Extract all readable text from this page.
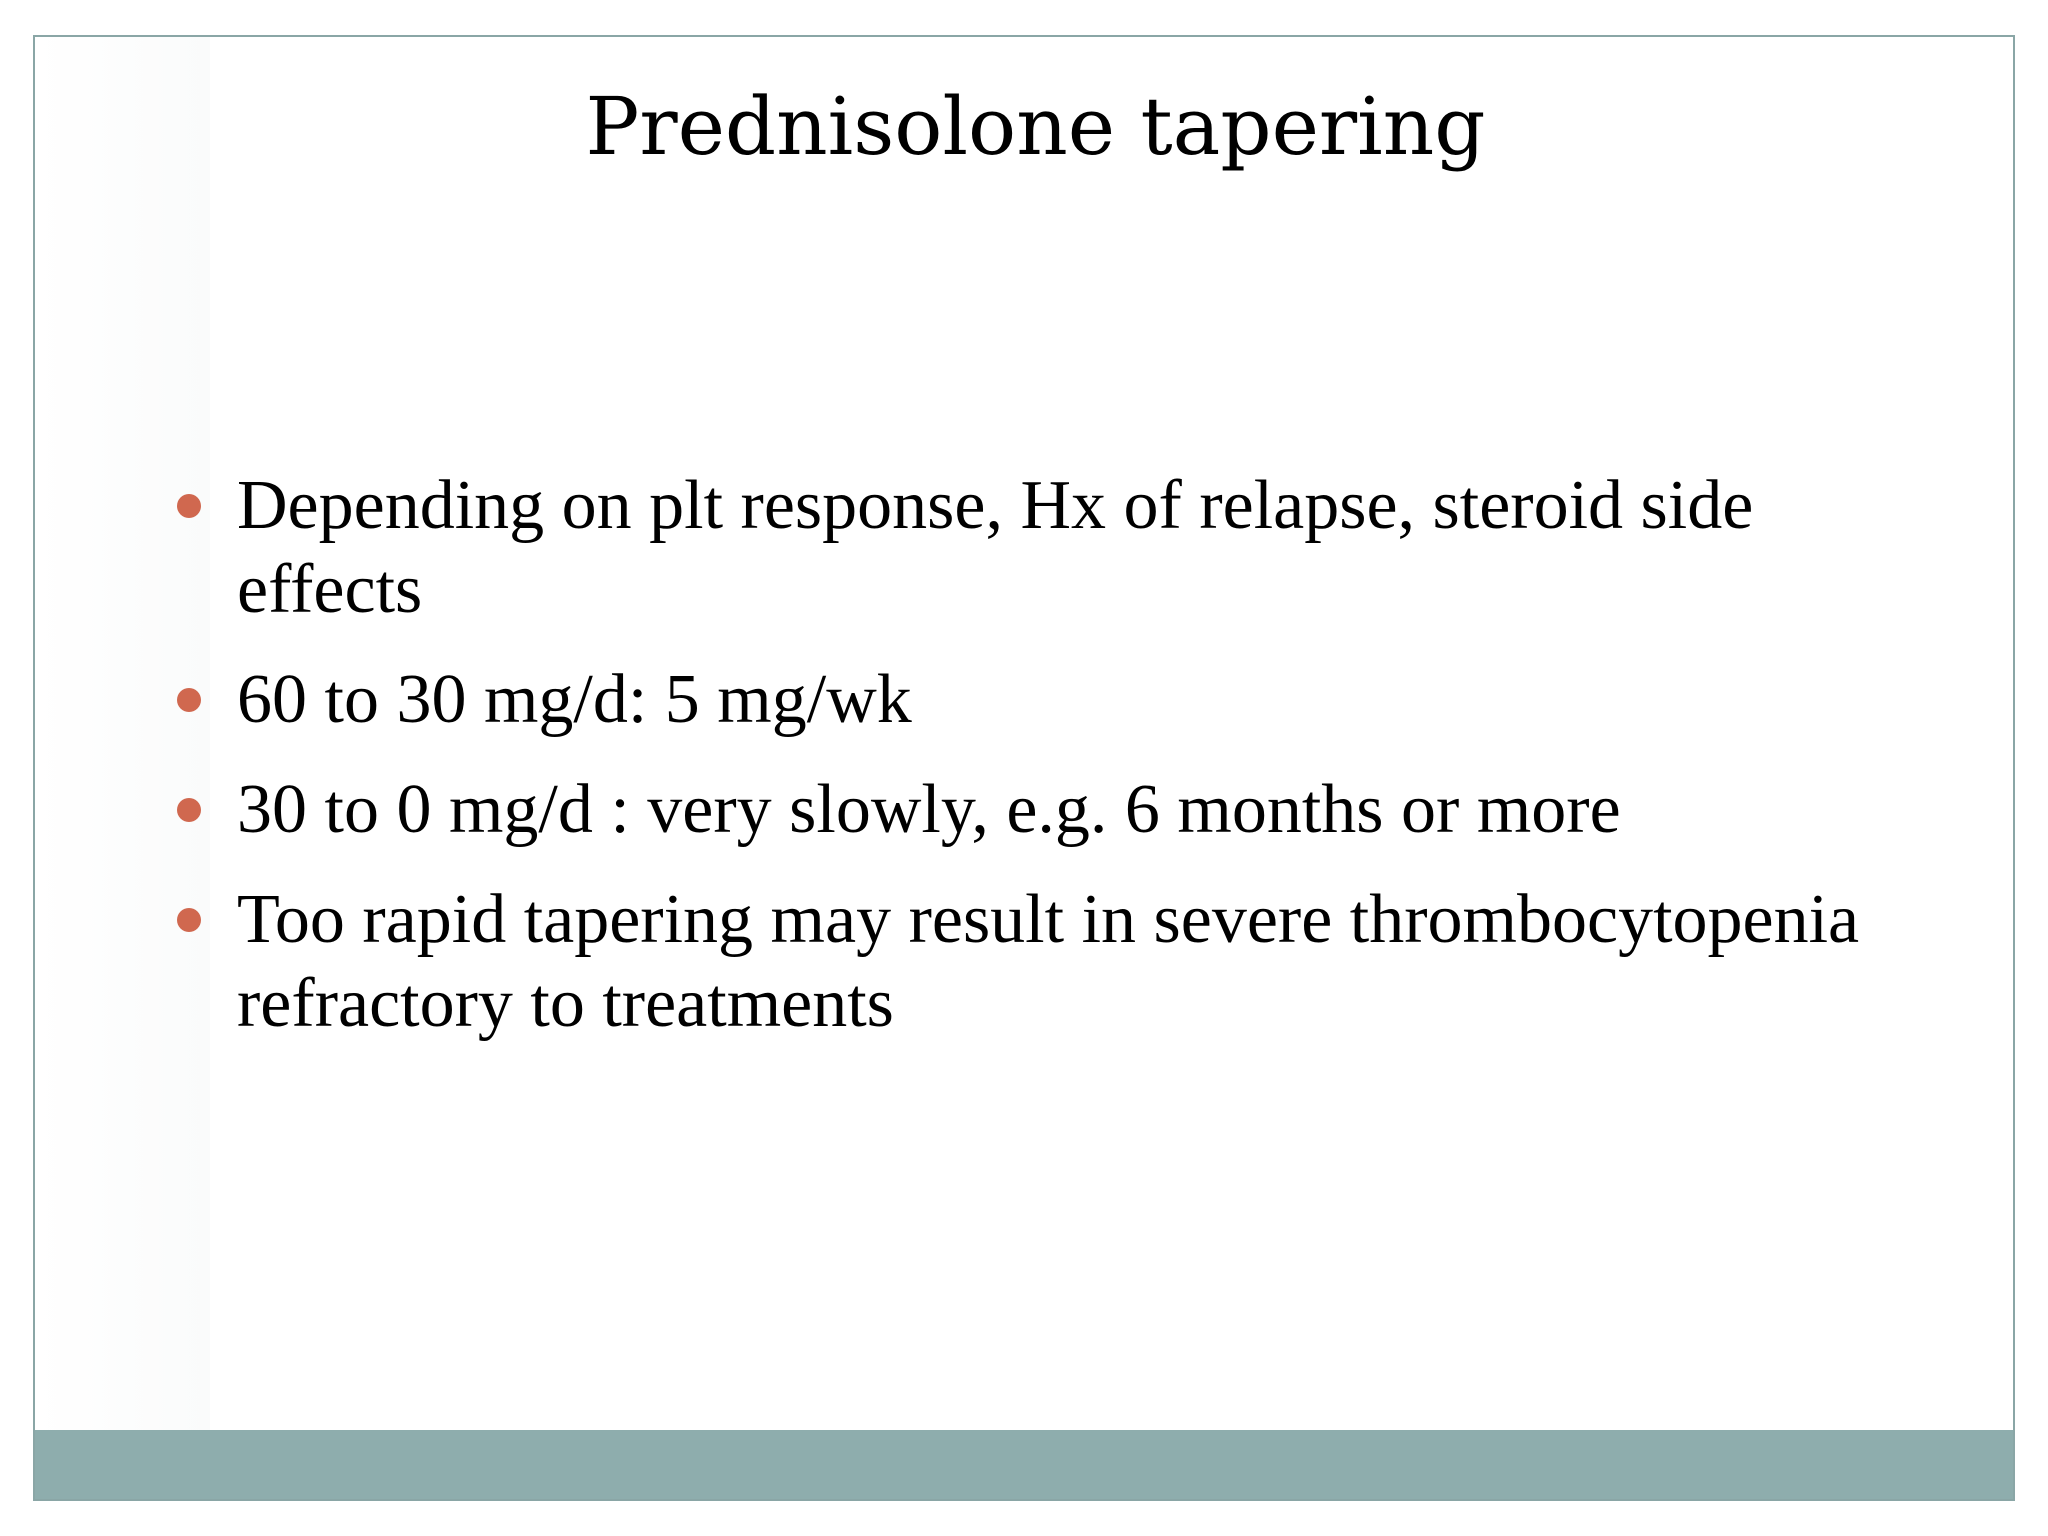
Prednisolone tapering
Depending on plt response, Hx of relapse, steroid side effects
60 to 30 mg/d: 5 mg/wk
30 to 0 mg/d : very slowly, e.g. 6 months or more
Too rapid tapering may result in severe thrombocytopenia refractory to treatments
